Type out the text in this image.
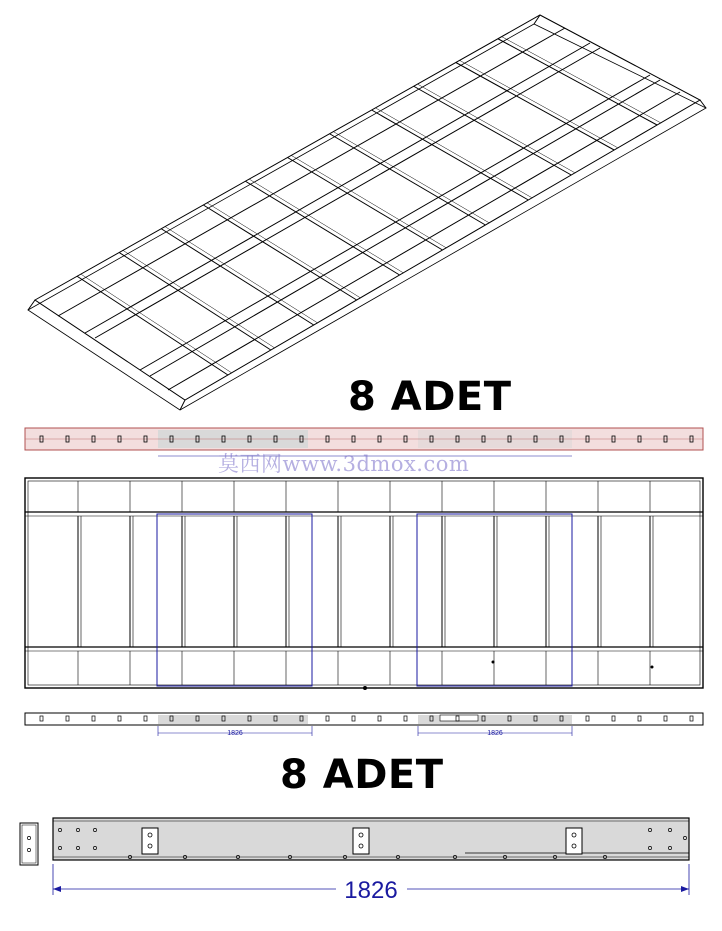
1826	1826
1826
8 ADET
莫西网www.3dmox.com
8 ADET
